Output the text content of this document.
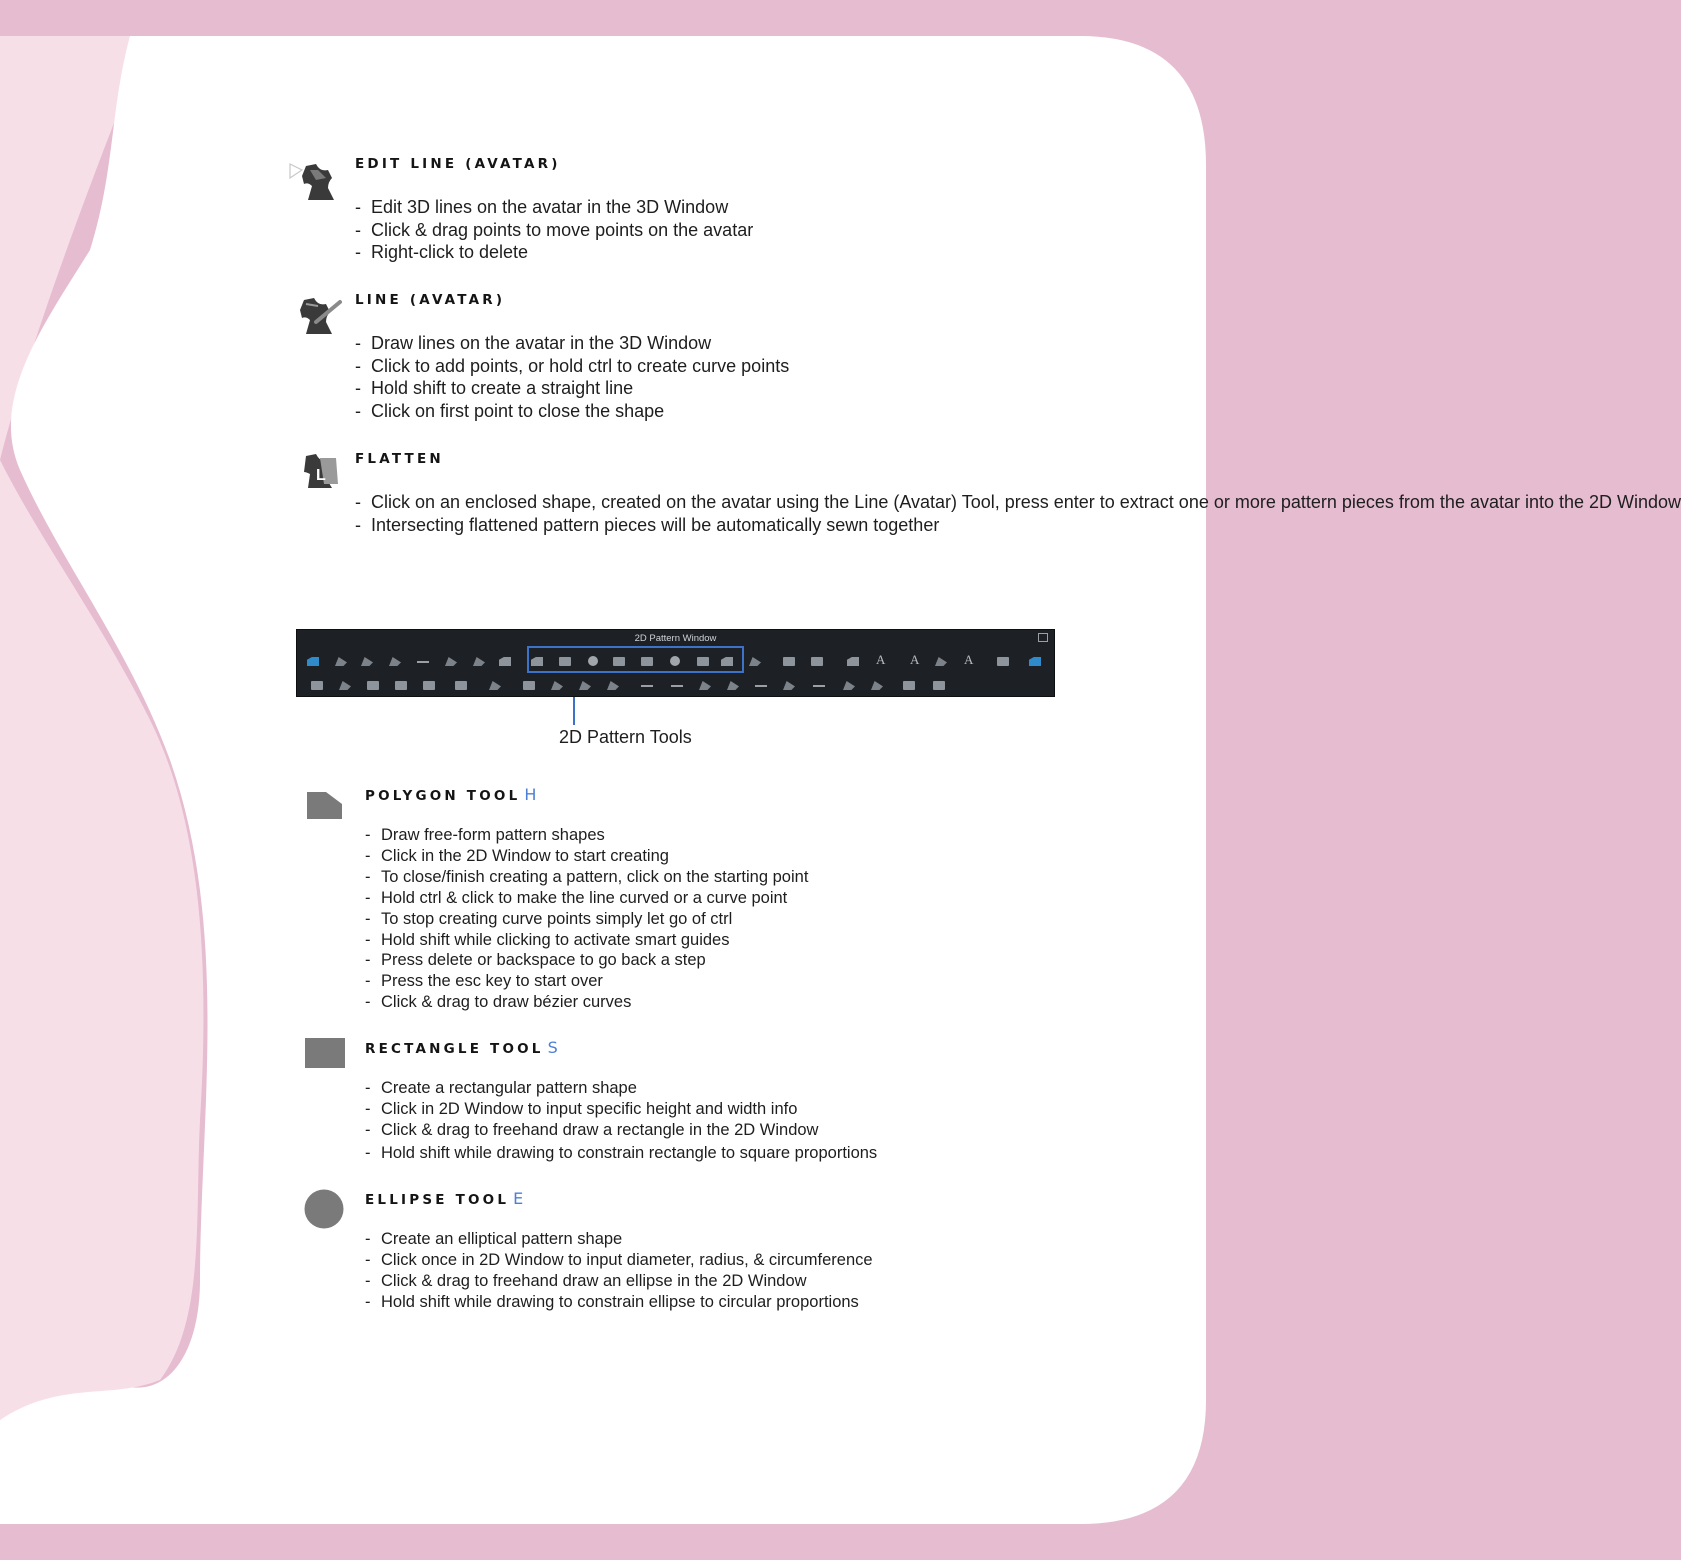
EDIT LINE (AVATAR)
- Edit 3D lines on the avatar in the 3D Window
- Click & drag points to move points on the avatar
- Right-click to delete
LINE (AVATAR)
- Draw lines on the avatar in the 3D Window
- Click to add points, or hold ctrl to create curve points
- Hold shift to create a straight line
- Click on first point to close the shape
L
FLATTEN
- Click on an enclosed shape, created on the avatar using the Line (Avatar) Tool, press enter to extract one or more pattern pieces from the avatar into the 2D Window
- Intersecting flattened pattern pieces will be automatically sewn together
2D Pattern Window
A
A
A
2D Pattern Tools
POLYGON TOOL H
- Draw free-form pattern shapes
- Click in the 2D Window to start creating
- To close/finish creating a pattern, click on the starting point
- Hold ctrl & click to make the line curved or a curve point
- To stop creating curve points simply let go of ctrl
- Hold shift while clicking to activate smart guides
- Press delete or backspace to go back a step
- Press the esc key to start over
- Click & drag to draw bézier curves
RECTANGLE TOOL S
- Create a rectangular pattern shape
- Click in 2D Window to input specific height and width info
- Click & drag to freehand draw a rectangle in the 2D Window
- Hold shift while drawing to constrain rectangle to square proportions
ELLIPSE TOOL E
- Create an elliptical pattern shape
- Click once in 2D Window to input diameter, radius, & circumference
- Click & drag to freehand draw an ellipse in the 2D Window
- Hold shift while drawing to constrain ellipse to circular proportions
